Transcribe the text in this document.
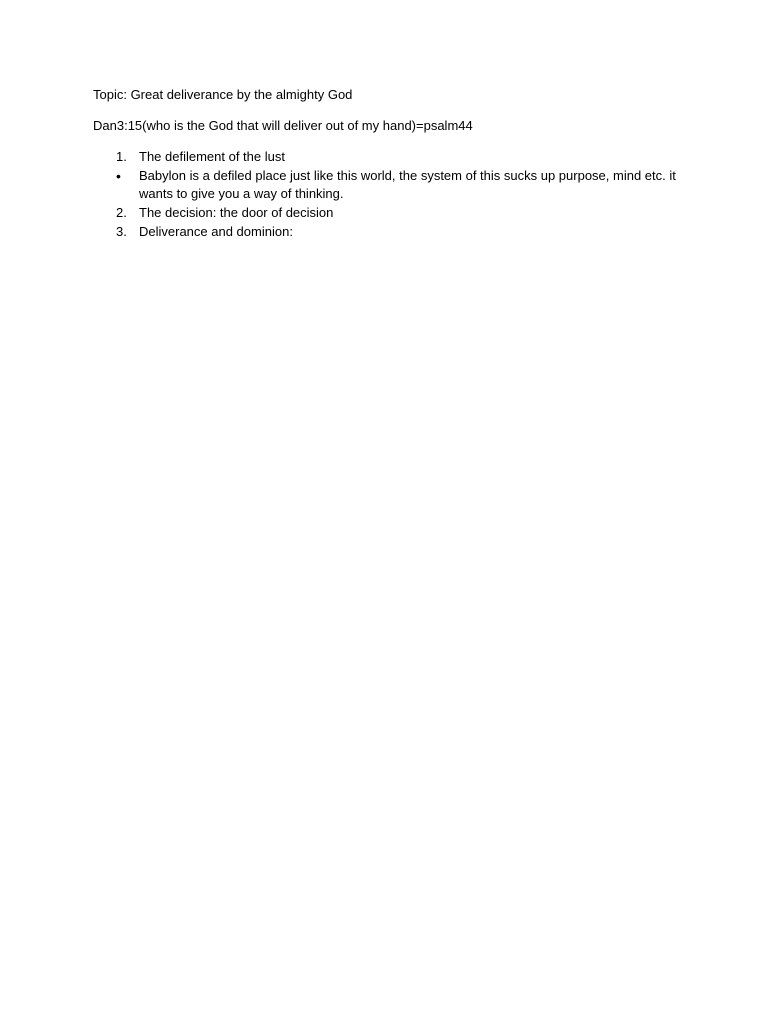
Topic: Great deliverance by the almighty God

Dan3:15(who is the God that will deliver out of my hand)=psalm44

1. The defilement of the lust
•	Babylon is a defiled place just like this world, the system of this sucks up purpose, mind etc. it wants to give you a way of thinking.
2. The decision: the door of decision
3. Deliverance and dominion:
